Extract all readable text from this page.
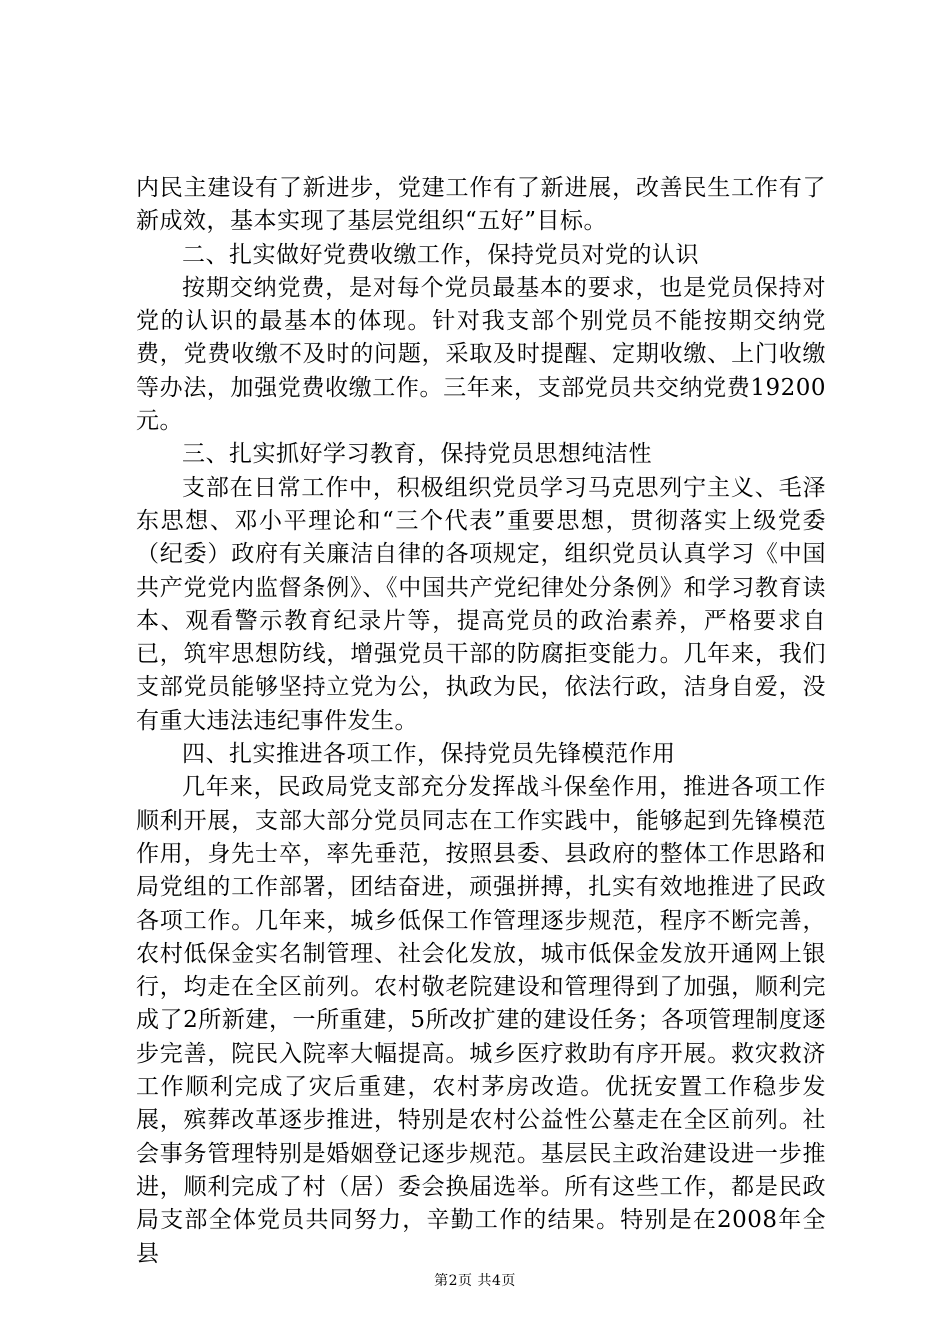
内民主建设有了新进步，党建工作有了新进展，改善民生工作有了新成效，基本实现了基层党组织“五好”目标。

二、扎实做好党费收缴工作，保持党员对党的认识

按期交纳党费，是对每个党员最基本的要求，也是党员保持对党的认识的最基本的体现。针对我支部个别党员不能按期交纳党费，党费收缴不及时的问题，采取及时提醒、定期收缴、上门收缴等办法，加强党费收缴工作。三年来，支部党员共交纳党费19200元。

三、扎实抓好学习教育，保持党员思想纯洁性

支部在日常工作中，积极组织党员学习马克思列宁主义、毛泽东思想、邓小平理论和“三个代表”重要思想，贯彻落实上级党委（纪委）政府有关廉洁自律的各项规定，组织党员认真学习《中国共产党党内监督条例》、《中国共产党纪律处分条例》和学习教育读本、观看警示教育纪录片等，提高党员的政治素养，严格要求自已，筑牢思想防线，增强党员干部的防腐拒变能力。几年来，我们支部党员能够坚持立党为公，执政为民，依法行政，洁身自爱，没有重大违法违纪事件发生。

四、扎实推进各项工作，保持党员先锋模范作用

几年来，民政局党支部充分发挥战斗保垒作用，推进各项工作顺利开展，支部大部分党员同志在工作实践中，能够起到先锋模范作用，身先士卒，率先垂范，按照县委、县政府的整体工作思路和局党组的工作部署，团结奋进，顽强拼搏，扎实有效地推进了民政各项工作。几年来，城乡低保工作管理逐步规范，程序不断完善，农村低保金实名制管理、社会化发放，城市低保金发放开通网上银行，均走在全区前列。农村敬老院建设和管理得到了加强，顺利完成了2所新建，一所重建，5所改扩建的建设任务；各项管理制度逐步完善，院民入院率大幅提高。城乡医疗救助有序开展。救灾救济工作顺利完成了灾后重建，农村茅房改造。优抚安置工作稳步发展，殡葬改革逐步推进，特别是农村公益性公墓走在全区前列。社会事务管理特别是婚姻登记逐步规范。基层民主政治建设进一步推进，顺利完成了村（居）委会换届选举。所有这些工作，都是民政局支部全体党员共同努力，辛勤工作的结果。特别是在2008年全县

第2页 共4页
